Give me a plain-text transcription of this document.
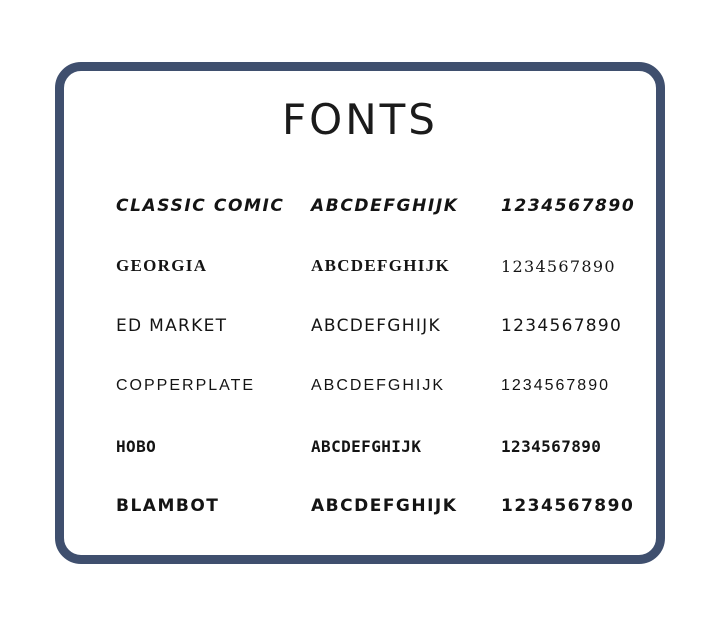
FONTS
CLASSIC COMIC	ABCDEFGHIJK	1234567890
GEORGIA	ABCDEFGHIJK	1234567890
ED MARKET	ABCDEFGHIJK	1234567890
COPPERPLATE	ABCDEFGHIJK	1234567890
HOBO	ABCDEFGHIJK	1234567890
BLAMBOT	ABCDEFGHIJK	1234567890
